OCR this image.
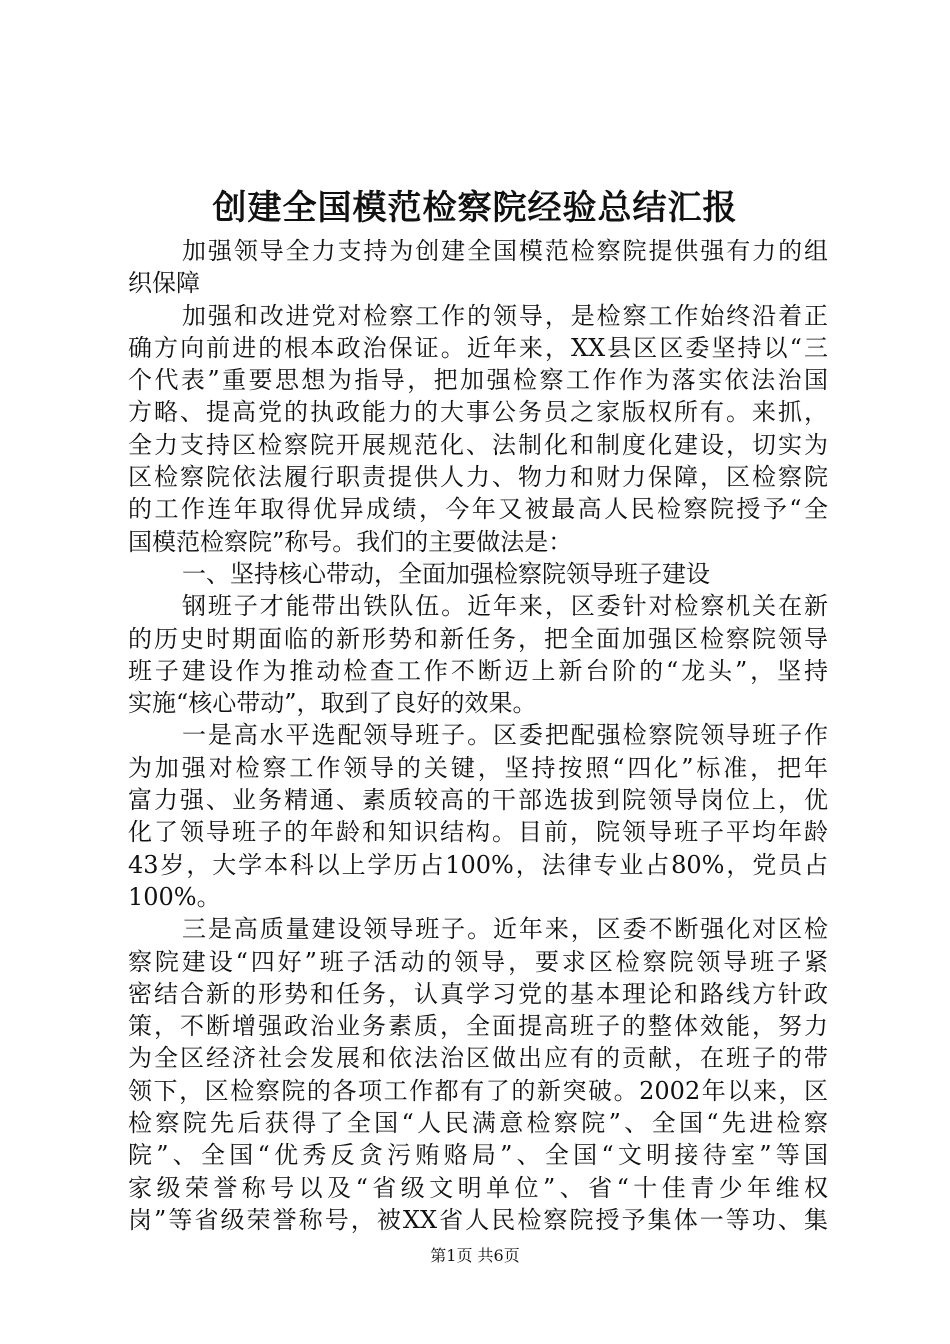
创建全国模范检察院经验总结汇报
加强领导全力支持为创建全国模范检察院提供强有力的组
织保障
加强和改进党对检察工作的领导，是检察工作始终沿着正
确方向前进的根本政治保证。近年来，XX县区区委坚持以“三
个代表”重要思想为指导，把加强检察工作作为落实依法治国
方略、提高党的执政能力的大事公务员之家版权所有。来抓，
全力支持区检察院开展规范化、法制化和制度化建设，切实为
区检察院依法履行职责提供人力、物力和财力保障，区检察院
的工作连年取得优异成绩，今年又被最高人民检察院授予“全
国模范检察院”称号。我们的主要做法是：
一、坚持核心带动，全面加强检察院领导班子建设
钢班子才能带出铁队伍。近年来，区委针对检察机关在新
的历史时期面临的新形势和新任务，把全面加强区检察院领导
班子建设作为推动检查工作不断迈上新台阶的“龙头”，坚持
实施“核心带动”，取到了良好的效果。
一是高水平选配领导班子。区委把配强检察院领导班子作
为加强对检察工作领导的关键，坚持按照“四化”标准，把年
富力强、业务精通、素质较高的干部选拔到院领导岗位上，优
化了领导班子的年龄和知识结构。目前，院领导班子平均年龄
43岁，大学本科以上学历占100%，法律专业占80%，党员占
100%。
三是高质量建设领导班子。近年来，区委不断强化对区检
察院建设“四好”班子活动的领导，要求区检察院领导班子紧
密结合新的形势和任务，认真学习党的基本理论和路线方针政
策，不断增强政治业务素质，全面提高班子的整体效能，努力
为全区经济社会发展和依法治区做出应有的贡献，在班子的带
领下，区检察院的各项工作都有了的新突破。2002年以来，区
检察院先后获得了全国“人民满意检察院”、全国“先进检察
院”、全国“优秀反贪污贿赂局”、全国“文明接待室”等国
家级荣誉称号以及“省级文明单位”、省“十佳青少年维权
岗”等省级荣誉称号，被XX省人民检察院授予集体一等功、集
第1页 共6页
